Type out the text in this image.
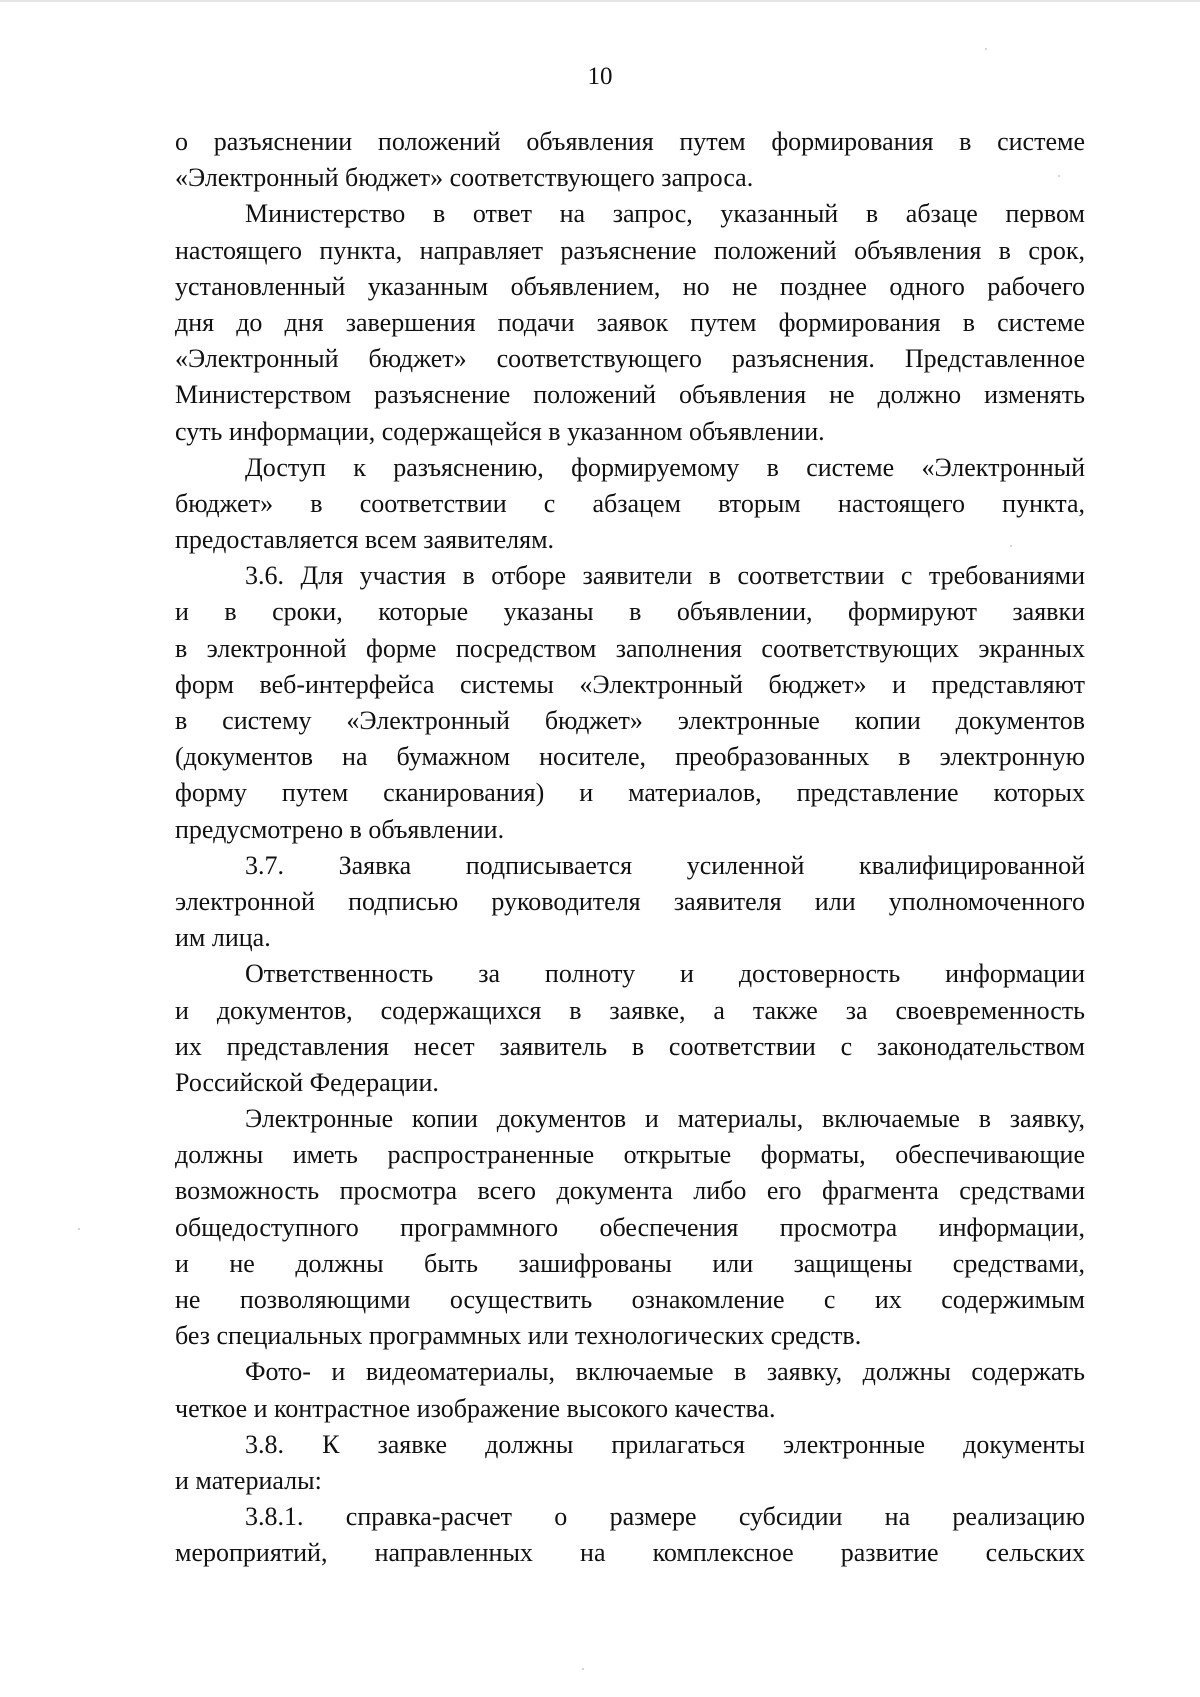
10
о разъяснении положений объявления путем формирования в системе
«Электронный бюджет» соответствующего запроса.
Министерство в ответ на запрос, указанный в абзаце первом
настоящего пункта, направляет разъяснение положений объявления в срок,
установленный указанным объявлением, но не позднее одного рабочего
дня до дня завершения подачи заявок путем формирования в системе
«Электронный бюджет» соответствующего разъяснения. Представленное
Министерством разъяснение положений объявления не должно изменять
суть информации, содержащейся в указанном объявлении.
Доступ к разъяснению, формируемому в системе «Электронный
бюджет» в соответствии с абзацем вторым настоящего пункта,
предоставляется всем заявителям.
3.6. Для участия в отборе заявители в соответствии с требованиями
и в сроки, которые указаны в объявлении, формируют заявки
в электронной форме посредством заполнения соответствующих экранных
форм веб-интерфейса системы «Электронный бюджет» и представляют
в систему «Электронный бюджет» электронные копии документов
(документов на бумажном носителе, преобразованных в электронную
форму путем сканирования) и материалов, представление которых
предусмотрено в объявлении.
3.7. Заявка подписывается усиленной квалифицированной
электронной подписью руководителя заявителя или уполномоченного
им лица.
Ответственность за полноту и достоверность информации
и документов, содержащихся в заявке, а также за своевременность
их представления несет заявитель в соответствии с законодательством
Российской Федерации.
Электронные копии документов и материалы, включаемые в заявку,
должны иметь распространенные открытые форматы, обеспечивающие
возможность просмотра всего документа либо его фрагмента средствами
общедоступного программного обеспечения просмотра информации,
и не должны быть зашифрованы или защищены средствами,
не позволяющими осуществить ознакомление с их содержимым
без специальных программных или технологических средств.
Фото- и видеоматериалы, включаемые в заявку, должны содержать
четкое и контрастное изображение высокого качества.
3.8. К заявке должны прилагаться электронные документы
и материалы:
3.8.1. справка-расчет о размере субсидии на реализацию
мероприятий, направленных на комплексное развитие сельских
